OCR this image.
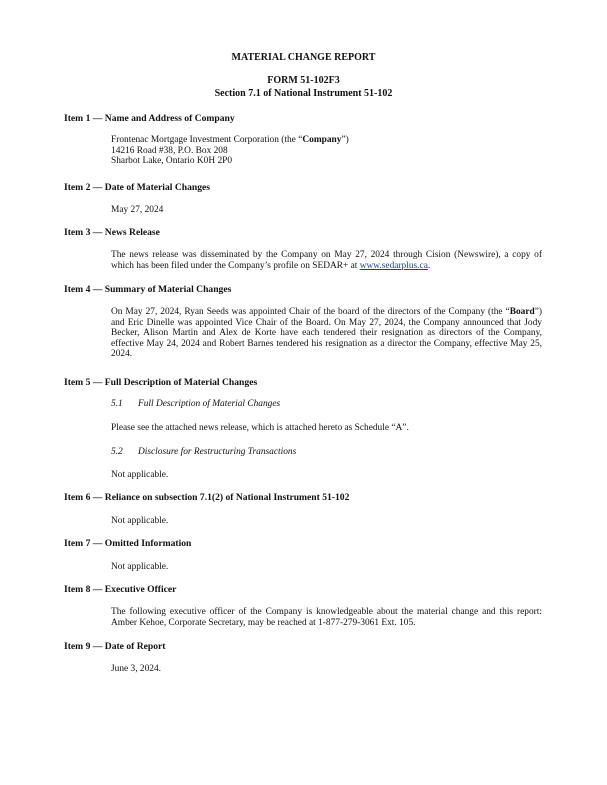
MATERIAL CHANGE REPORT
FORM 51-102F3
Section 7.1 of National Instrument 51-102
Item 1 — Name and Address of Company
Frontenac Mortgage Investment Corporation (the “Company”)
14216 Road #38, P.O. Box 208
Sharbot Lake, Ontario K0H 2P0
Item 2 — Date of Material Changes
May 27, 2024
Item 3 — News Release
The news release was disseminated by the Company on May 27, 2024 through Cision (Newswire), a copy of which has been filed under the Company’s profile on SEDAR+ at www.sedarplus.ca.
Item 4 — Summary of Material Changes
On May 27, 2024, Ryan Seeds was appointed Chair of the board of the directors of the Company (the “Board”) and Eric Dinelle was appointed Vice Chair of the Board. On May 27, 2024, the Company announced that Jody Becker, Alison Martin and Alex de Korte have each tendered their resignation as directors of the Company, effective May 24, 2024 and Robert Barnes tendered his resignation as a director the Company, effective May 25, 2024.
Item 5 — Full Description of Material Changes
5.1 Full Description of Material Changes
Please see the attached news release, which is attached hereto as Schedule “A”.
5.2 Disclosure for Restructuring Transactions
Not applicable.
Item 6 — Reliance on subsection 7.1(2) of National Instrument 51-102
Not applicable.
Item 7 — Omitted Information
Not applicable.
Item 8 — Executive Officer
The following executive officer of the Company is knowledgeable about the material change and this report: Amber Kehoe, Corporate Secretary, may be reached at 1-877-279-3061 Ext. 105.
Item 9 — Date of Report
June 3, 2024.
